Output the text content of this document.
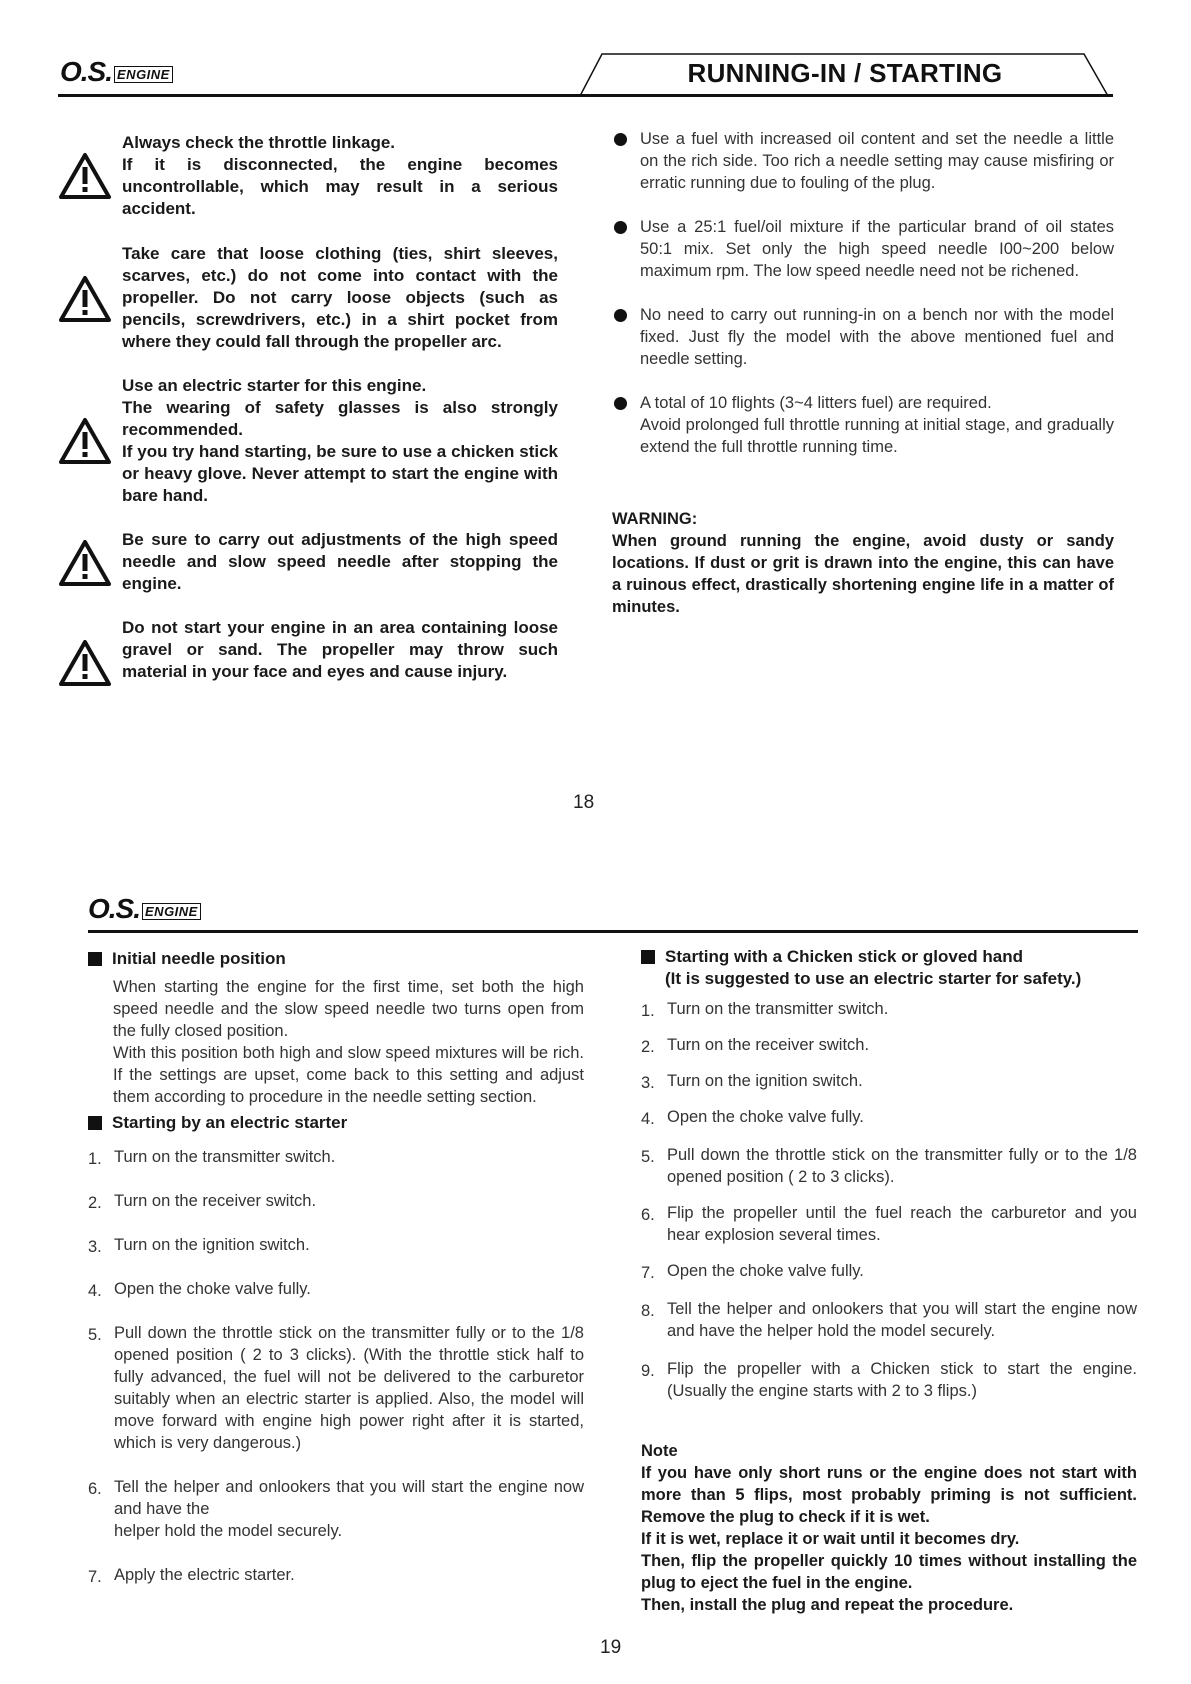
O.S. ENGINE	RUNNING-IN / STARTING

Always check the throttle linkage.

If it is disconnected, the engine becomes uncontrollable, which may result in a serious accident.

Take care that loose clothing (ties, shirt sleeves, scarves, etc.) do not come into contact with the propeller. Do not carry loose objects (such as pencils, screwdrivers, etc.) in a shirt pocket from where they could fall through the propeller arc.

Use an electric starter for this engine.

The wearing of safety glasses is also strongly recommended.

If you try hand starting, be sure to use a chicken stick or heavy glove. Never attempt to start the engine with bare hand.

Be sure to carry out adjustments of the high speed needle and slow speed needle after stopping the engine.

Do not start your engine in an area containing loose gravel or sand. The propeller may throw such material in your face and eyes and cause injury.

Use a fuel with increased oil content and set the needle a little on the rich side. Too rich a needle setting may cause misfiring or erratic running due to fouling of the plug.

Use a 25:1 fuel/oil mixture if the particular brand of oil states 50:1 mix. Set only the high speed needle I00~200 below maximum rpm. The low speed needle need not be richened.

No need to carry out running-in on a bench nor with the model fixed. Just fly the model with the above mentioned fuel and needle setting.

A total of 10 flights (3~4 litters fuel) are required.

Avoid prolonged full throttle running at initial stage, and gradually extend the full throttle running time.

WARNING:

When ground running the engine, avoid dusty or sandy locations. If dust or grit is drawn into the engine, this can have a ruinous effect, drastically shortening engine life in a matter of minutes.

18
O.S. ENGINE
Initial needle position

When starting the engine for the first time, set both the high speed needle and the slow speed needle two turns open from the fully closed position.

With this position both high and slow speed mixtures will be rich. If the settings are upset, come back to this setting and adjust them according to procedure in the needle setting section.

Starting by an electric starter
1. Turn on the transmitter switch.
2. Turn on the receiver switch.
3. Turn on the ignition switch.
4. Open the choke valve fully.
5. Pull down the throttle stick on the transmitter fully or to the 1/8 opened position ( 2 to 3 clicks). (With the throttle stick half to fully advanced, the fuel will not be delivered to the carburetor suitably when an electric starter is applied. Also, the model will move forward with engine high power right after it is started, which is very dangerous.)
6. Tell the helper and onlookers that you will start the engine now and have the
helper hold the model securely.
7. Apply the electric starter.
Starting with a Chicken stick or gloved hand
(It is suggested to use an electric starter for safety.)
1. Turn on the transmitter switch.
2. Turn on the receiver switch.
3. Turn on the ignition switch.
4. Open the choke valve fully.
5. Pull down the throttle stick on the transmitter fully or to the 1/8 opened position ( 2 to 3 clicks).
6. Flip the propeller until the fuel reach the carburetor and you hear explosion several times.
7. Open the choke valve fully.
8. Tell the helper and onlookers that you will start the engine now and have the helper hold the model securely.
9. Flip the propeller with a Chicken stick to start the engine. (Usually the engine starts with 2 to 3 flips.)

Note

If you have only short runs or the engine does not start with more than 5 flips, most probably priming is not sufficient. Remove the plug to check if it is wet.

If it is wet, replace it or wait until it becomes dry.

Then, flip the propeller quickly 10 times without installing the plug to eject the fuel in the engine.

Then, install the plug and repeat the procedure.

19
